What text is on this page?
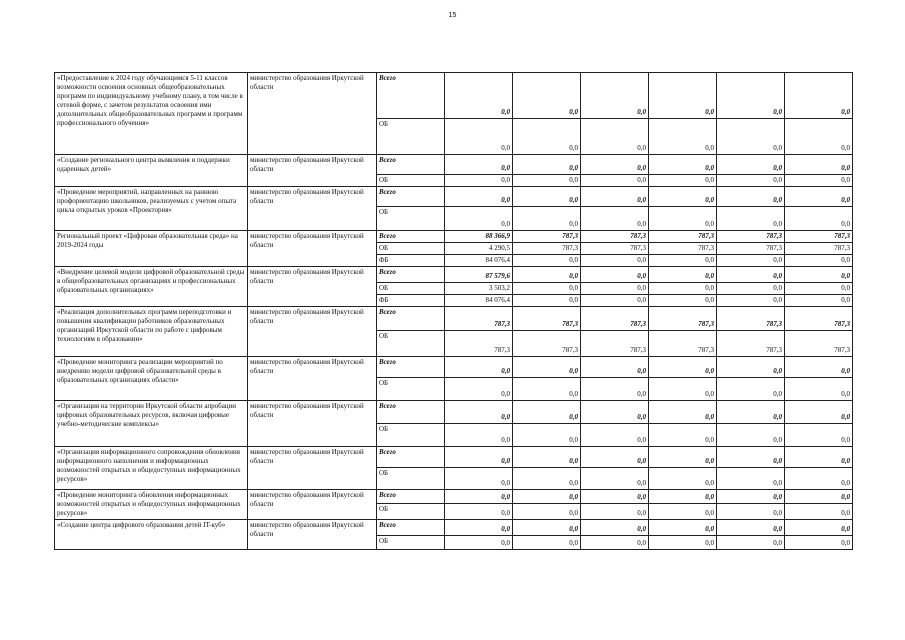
15
«Предоставление к 2024 году обучающимся 5-11 классов возможности освоения основных общеобразовательных программ по индивидуальному учебному плану, в том числе в сетевой форме, с зачетом результатов освоения ими дополнительных общеобразовательных программ и программ профессионального обучения»	министерство образования Иркутской области	Всего	0,0	0,0	0,0	0,0	0,0	0,0
		ОБ	0,0	0,0	0,0	0,0	0,0	0,0
«Создание регионального центра выявления и поддержки одаренных детей»	министерство образования Иркутской области	Всего	0,0	0,0	0,0	0,0	0,0	0,0
		ОБ	0,0	0,0	0,0	0,0	0,0	0,0
«Проведение мероприятий, направленных на раннюю профориентацию школьников, реализуемых с учетом опыта цикла открытых уроков «Проектория»	министерство образования Иркутской области	Всего	0,0	0,0	0,0	0,0	0,0	0,0
		ОБ	0,0	0,0	0,0	0,0	0,0	0,0
Региональный проект «Цифровая образовательная среда» на 2019-2024 годы	министерство образования Иркутской области	Всего	88 366,9	787,3	787,3	787,3	787,3	787,3
		ОБ	4 290,5	787,3	787,3	787,3	787,3	787,3
		ФБ	84 076,4	0,0	0,0	0,0	0,0	0,0
«Внедрение целевой модели цифровой образовательной среды в общеобразовательных организациях и профессиональных образовательных организациях»	министерство образования Иркутской области	Всего	87 579,6	0,0	0,0	0,0	0,0	0,0
		ОБ	3 503,2	0,0	0,0	0,0	0,0	0,0
		ФБ	84 076,4	0,0	0,0	0,0	0,0	0,0
«Реализация дополнительных программ переподготовки и повышения квалификации работников образовательных организаций Иркутской области по работе с цифровым технологиям в образовании»	министерство образования Иркутской области	Всего	787,3	787,3	787,3	787,3	787,3	787,3
		ОБ	787,3	787,3	787,3	787,3	787,3	787,3
«Проведение мониторинга реализации мероприятий по внедрению модели цифровой образовательной среды в образовательных организациях области»	министерство образования Иркутской области	Всего	0,0	0,0	0,0	0,0	0,0	0,0
		ОБ	0,0	0,0	0,0	0,0	0,0	0,0
«Организация на территории Иркутской области апробации цифровых образовательных ресурсов, включая цифровые учебно-методические комплексы»	министерство образования Иркутской области	Всего	0,0	0,0	0,0	0,0	0,0	0,0
		ОБ	0,0	0,0	0,0	0,0	0,0	0,0
«Организация информационного сопровождения обновления информационного наполнения и информационных возможностей открытых и общедоступных информационных ресурсов»	министерство образования Иркутской области	Всего	0,0	0,0	0,0	0,0	0,0	0,0
		ОБ	0,0	0,0	0,0	0,0	0,0	0,0
«Проведение мониторинга обновления информационных возможностей открытых и общедоступных информационных ресурсов»	министерство образования Иркутской области	Всего	0,0	0,0	0,0	0,0	0,0	0,0
		ОБ	0,0	0,0	0,0	0,0	0,0	0,0
«Создание центра цифрового образования детей IT-куб»	министерство образования Иркутской области	Всего	0,0	0,0	0,0	0,0	0,0	0,0
		ОБ	0,0	0,0	0,0	0,0	0,0	0,0
